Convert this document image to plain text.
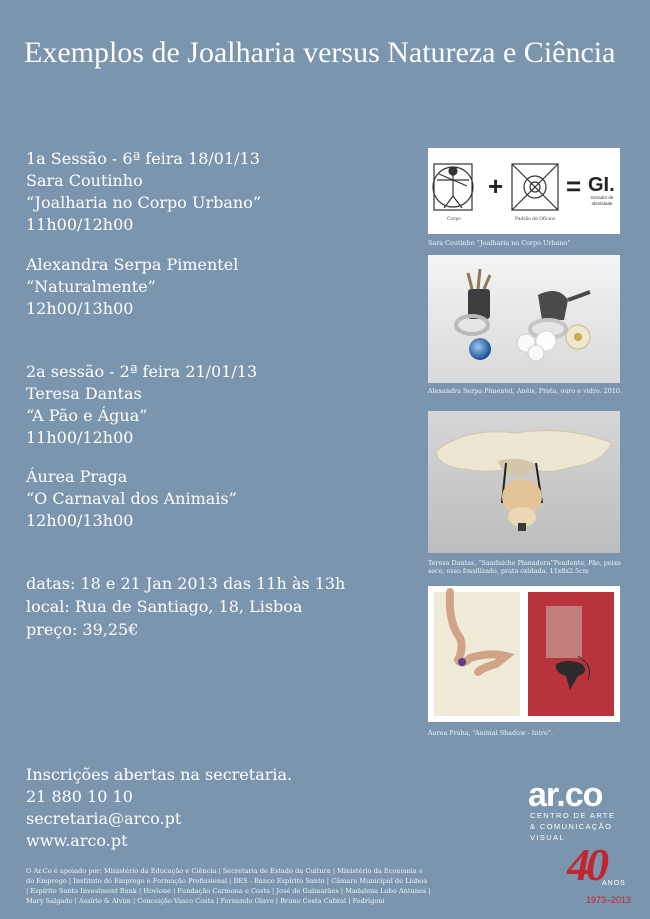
Exemplos de Joalharia versus Natureza e Ciência
1a Sessão - 6ª feira 18/01/13
Sara Coutinho
“Joalharia no Corpo Urbano”
11h00/12h00
Alexandra Serpa Pimentel
“Naturalmente”
12h00/13h00
2a sessão - 2ª feira 21/01/13
Teresa Dantas
“A Pão e Água”
11h00/12h00
Áurea Praga
“O Carnaval dos Animais”
12h00/13h00
datas: 18 e 21 Jan 2013 das 11h às 13h
local: Rua de Santiago, 18, Lisboa
preço: 39,25€
Inscrições abertas na secretaria.
21 880 10 10
secretaria@arco.pt
www.arco.pt
+ = GI.
Corpo	Padrão de Ofícios
Gerador de Identidade
Sara Coutinho “Joalharia no Corpo Urbano”
Alexandra Serpa Pimentel, Anéis, Prata, ouro e vidro. 2010.
Teresa Dantas, “Sanduíche Planadora”Pendente, Pão, peixe seco, osso fossilizado, prata oxidada. 11x8x2.5cm
Áurea Praha, “Animal Shadow - Intro”.
O Ar.Co é apoiado por: Ministério da Educação e Ciência | Secretaria de Estado da Cultura | Ministério da Economia e do Emprego | Instituto do Emprego e Formação Profissional | BES - Banco Espírito Santo | Câmara Municipal de Lisboa | Espírito Santo Investment Bank | Hovione | Fundação Carmona e Costa | José de Guimarães | Madalena Lobo Antunes | Mary Salgado | Assírio & Alvim | Conceição Vasco Costa | Fernando Olavo | Bruno Costa Cabral | Fedrigoni
ar.co
CENTRO DE ARTE
& COMUNICAÇÃO
VISUAL
40
ANOS
1973–2013
